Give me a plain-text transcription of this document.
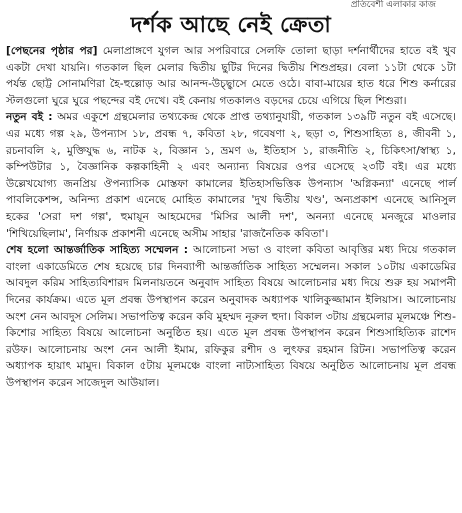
প্রতিবেশী এলাকার কাজ
দর্শক আছে নেই ক্রেতা

[পেছনের পৃষ্ঠার পর] মেলাপ্রাঙ্গণে যুগল আর সপরিবারে সেলফি তোলা ছাড়া দর্শনার্থীদের হাতে বই খুব একটা দেখা যায়নি। গতকাল ছিল মেলার দ্বিতীয় ছুটির দিনের দ্বিতীয় শিশুপ্রহর। বেলা ১১টা থেকে ১টা পর্যন্ত ছোট্ট সোনামণিরা হৈ-হুল্লোড় আর আনন্দ-উচ্ছ্বাসে মেতে ওঠে। বাবা-মায়ের হাত ধরে শিশু কর্নারের স্টলগুলো ঘুরে ঘুরে পছন্দের বই দেখে। বই কেনায় গতকালও বড়দের চেয়ে এগিয়ে ছিল শিশুরা।

নতুন বই : অমর একুশে গ্রন্থমেলার তথ্যকেন্দ্র থেকে প্রাপ্ত তথ্যানুযায়ী, গতকাল ১৩৯টি নতুন বই এসেছে। এর মধ্যে গল্প ২৯, উপন্যাস ১৮, প্রবন্ধ ৭, কবিতা ২৮, গবেষণা ২, ছড়া ৩, শিশুসাহিত্য ৪, জীবনী ১, রচনাবলি ২, মুক্তিযুদ্ধ ৬, নাটক ২, বিজ্ঞান ১, ভ্রমণ ৬, ইতিহাস ১, রাজনীতি ২, চিকিৎসা/স্বাস্থ্য ১, কম্পিউটার ১, বৈজ্ঞানিক কল্পকাহিনী ২ এবং অন্যান্য বিষয়ের ওপর এসেছে ২৩টি বই। এর মধ্যে উল্লেখযোগ্য জনপ্রিয় ঔপন্যাসিক মোস্তফা কামালের ইতিহাসভিত্তিক উপন্যাস 'অগ্নিকন্যা' এনেছে পার্ল পাবলিকেশন্স, অনিন্দ্য প্রকাশ এনেছে মোহিত কামালের 'দুখ দ্বিতীয় খণ্ড', অন্যপ্রকাশ এনেছে আনিসুল হকের 'সেরা দশ গল্প', হুমায়ূন আহমেদের 'মিসির আলী দশ', অনন্যা এনেছে মনজুরে মাওলার 'শিখিয়েছিলাম', নির্ণায়ক প্রকাশনী এনেছে অসীম সাহার 'রাজনৈতিক কবিতা'।

শেষ হলো আন্তর্জাতিক সাহিত্য সম্মেলন : আলোচনা সভা ও বাংলা কবিতা আবৃত্তির মধ্য দিয়ে গতকাল বাংলা একাডেমিতে শেষ হয়েছে চার দিনব্যাপী আন্তর্জাতিক সাহিত্য সম্মেলন। সকাল ১০টায় একাডেমির আবদুল করিম সাহিত্যবিশারদ মিলনায়তনে অনুবাদ সাহিত্য বিষয়ে আলোচনার মধ্য দিয়ে শুরু হয় সমাপনী দিনের কার্যক্রম। এতে মূল প্রবন্ধ উপস্থাপন করেন অনুবাদক অধ্যাপক খালিকুজ্জামান ইলিয়াস। আলোচনায় অংশ নেন আবদুস সেলিম। সভাপতিত্ব করেন কবি মুহম্মদ নূরুল হুদা। বিকাল ৩টায় গ্রন্থমেলার মূলমঞ্চে শিশু-কিশোর সাহিত্য বিষয়ে আলোচনা অনুষ্ঠিত হয়। এতে মূল প্রবন্ধ উপস্থাপন করেন শিশুসাহিত্যিক রাশেদ রউফ। আলোচনায় অংশ নেন আলী ইমাম, রফিকুর রশীদ ও লুৎফর রহমান রিটন। সভাপতিত্ব করেন অধ্যাপক হায়াৎ মামুদ। বিকাল ৫টায় মূলমঞ্চে বাংলা নাট্যসাহিত্য বিষয়ে অনুষ্ঠিত আলোচনায় মূল প্রবন্ধ উপস্থাপন করেন সাজেদুল আউয়াল।
